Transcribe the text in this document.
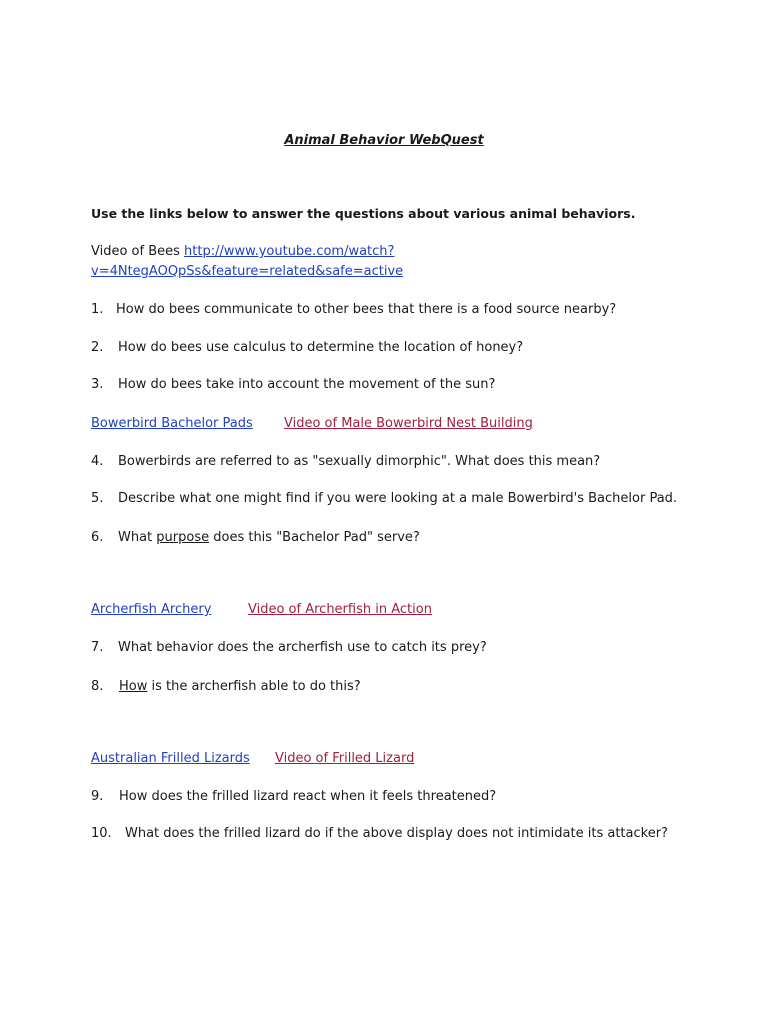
Animal Behavior WebQuest
Use the links below to answer the questions about various animal behaviors.
Video of Bees http://www.youtube.com/watch?
v=4NtegAOQpSs&feature=related&safe=active
1. How do bees communicate to other bees that there is a food source nearby?
2. How do bees use calculus to determine the location of honey?
3. How do bees take into account the movement of the sun?
Bowerbird Bachelor Pads Video of Male Bowerbird Nest Building
4. Bowerbirds are referred to as "sexually dimorphic". What does this mean?
5. Describe what one might find if you were looking at a male Bowerbird's Bachelor Pad.
6. What purpose does this "Bachelor Pad" serve?
Archerfish Archery	Video of Archerfish in Action
7. What behavior does the archerfish use to catch its prey?
8. How is the archerfish able to do this?
Australian Frilled Lizards Video of Frilled Lizard
9. How does the frilled lizard react when it feels threatened?
10. What does the frilled lizard do if the above display does not intimidate its attacker?
